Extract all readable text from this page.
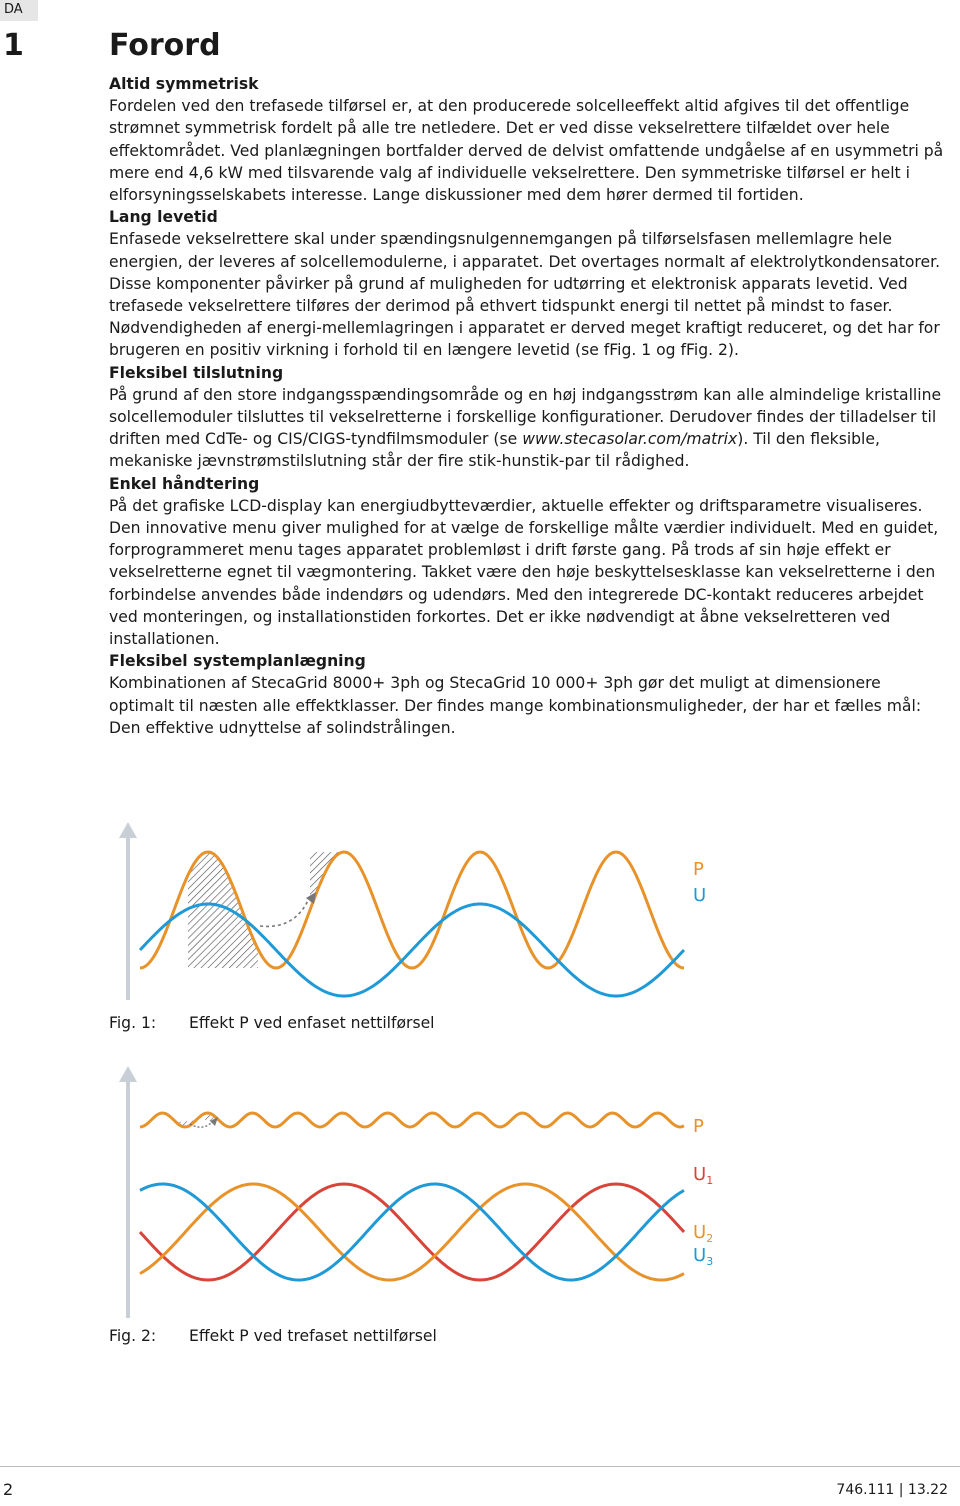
DA
1	Forord
Altid symmetrisk

Fordelen ved den trefasede tilførsel er, at den producerede solcelleeffekt altid afgives til det offentlige strømnet symmetrisk fordelt på alle tre netledere. Det er ved disse vekselrettere tilfældet over hele effektområdet. Ved planlægningen bortfalder derved de delvist omfattende undgåelse af en usymmetri på mere end 4,6 kW med tilsvarende valg af individuelle vekselrettere. Den symmetriske tilførsel er helt i elforsyningsselskabets interesse. Lange diskussioner med dem hører dermed til fortiden.

Lang levetid

Enfasede vekselrettere skal under spændingsnulgennemgangen på tilførselsfasen mellemlagre hele energien, der leveres af solcellemodulerne, i apparatet. Det overtages normalt af elektrolytkondensatorer. Disse komponenter påvirker på grund af muligheden for udtørring et elektronisk apparats levetid. Ved trefasede vekselrettere tilføres der derimod på ethvert tidspunkt energi til nettet på mindst to faser. Nødvendigheden af energi-mellemlagringen i apparatet er derved meget kraftigt reduceret, og det har for brugeren en positiv virkning i forhold til en længere levetid (se fFig. 1 og fFig. 2).

Fleksibel tilslutning

På grund af den store indgangsspændingsområde og en høj indgangsstrøm kan alle almindelige kristalline solcellemoduler tilsluttes til vekselretterne i forskellige konfigurationer. Derudover findes der tilladelser til driften med CdTe- og CIS/CIGS-tyndfilmsmoduler (se www.stecasolar.com/matrix). Til den fleksible, mekaniske jævnstrømstilslutning står der fire stik-hunstik-par til rådighed.

Enkel håndtering

På det grafiske LCD-display kan energiudbytteværdier, aktuelle effekter og driftsparametre visualiseres. Den innovative menu giver mulighed for at vælge de forskellige målte værdier individuelt. Med en guidet, forprogrammeret menu tages apparatet problemløst i drift første gang. På trods af sin høje effekt er vekselretterne egnet til vægmontering. Takket være den høje beskyttelsesklasse kan vekselretterne i den forbindelse anvendes både indendørs og udendørs. Med den integrerede DC-kontakt reduceres arbejdet ved monteringen, og installationstiden forkortes. Det er ikke nødvendigt at åbne vekselretteren ved installationen.

Fleksibel systemplanlægning

Kombinationen af StecaGrid 8000+ 3ph og StecaGrid 10 000+ 3ph gør det muligt at dimensionere optimalt til næsten alle effektklasser. Der findes mange kombinationsmuligheder, der har et fælles mål: Den effektive udnyttelse af solindstrålingen.

P
U
Fig. 1: Effekt P ved enfaset nettilførsel
P
$U_1$
$U_2$
$U_3$
Fig. 2: Effekt P ved trefaset nettilførsel
2	746.111 | 13.22
